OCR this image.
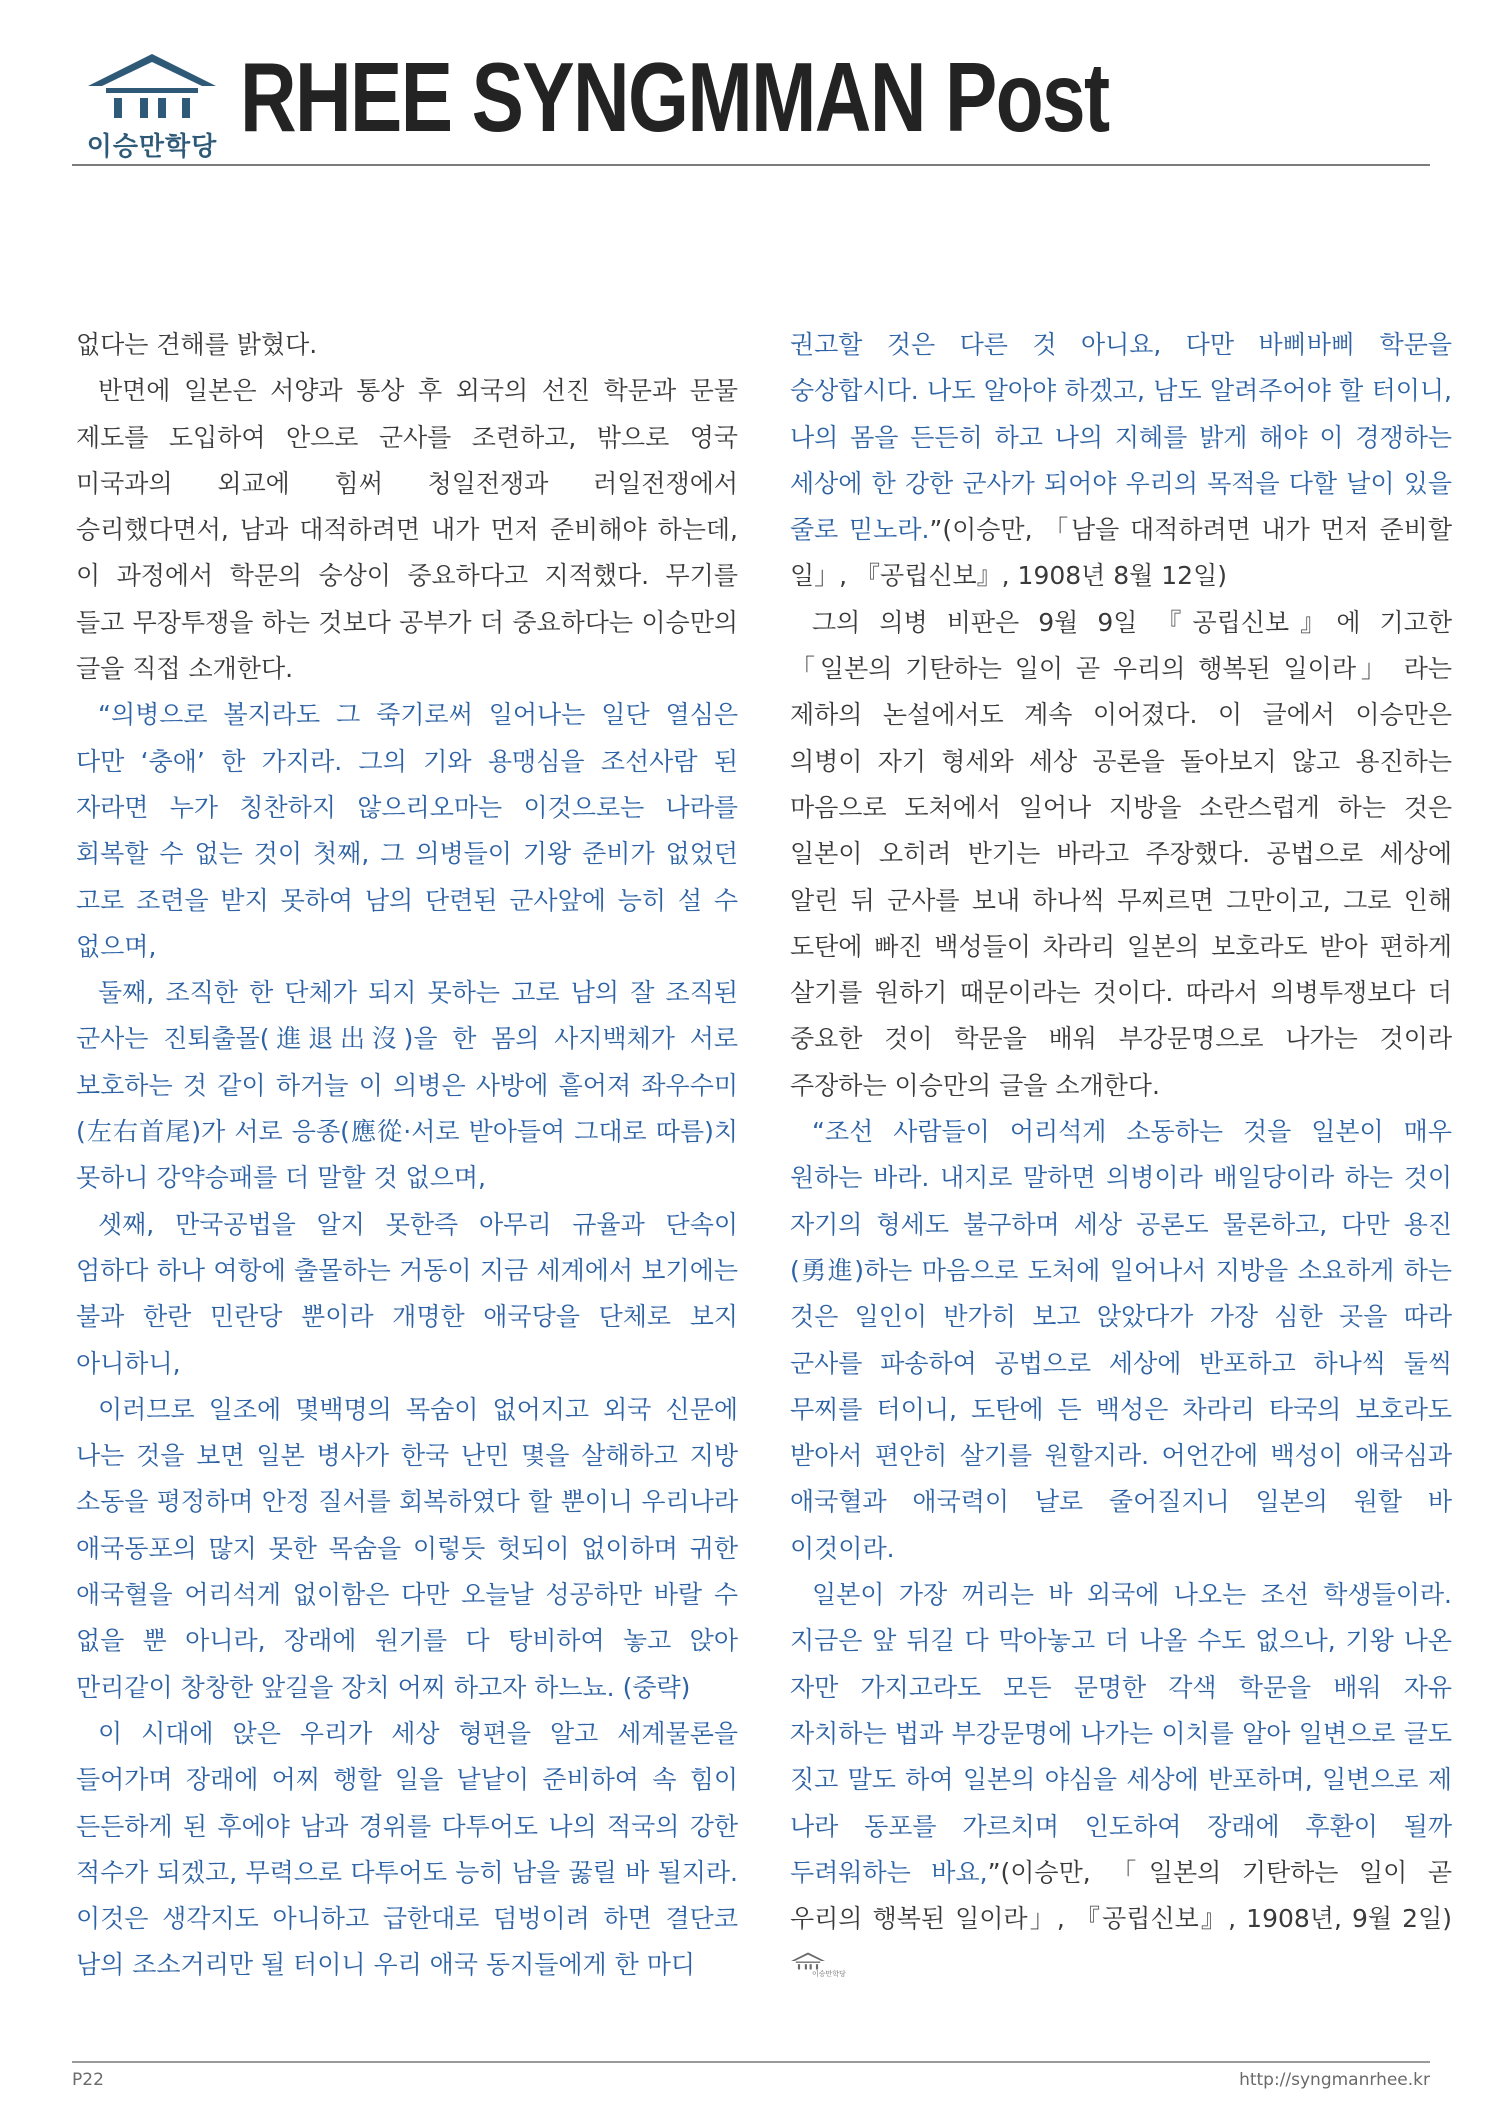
이승만학당 RHEE SYNGMMAN Post

없다는 견해를 밝혔다.

반면에 일본은 서양과 통상 후 외국의 선진 학문과 문물 제도를 도입하여 안으로 군사를 조련하고, 밖으로 영국 미국과의 외교에 힘써 청일전쟁과 러일전쟁에서 승리했다면서, 남과 대적하려면 내가 먼저 준비해야 하는데, 이 과정에서 학문의 숭상이 중요하다고 지적했다. 무기를 들고 무장투쟁을 하는 것보다 공부가 더 중요하다는 이승만의 글을 직접 소개한다.

“의병으로 볼지라도 그 죽기로써 일어나는 일단 열심은 다만 ‘충애’ 한 가지라. 그의 기와 용맹심을 조선사람 된 자라면 누가 칭찬하지 않으리오마는 이것으로는 나라를 회복할 수 없는 것이 첫째, 그 의병들이 기왕 준비가 없었던 고로 조련을 받지 못하여 남의 단련된 군사앞에 능히 설 수 없으며,

둘째, 조직한 한 단체가 되지 못하는 고로 남의 잘 조직된 군사는 진퇴출몰(進退出沒)을 한 몸의 사지백체가 서로 보호하는 것 같이 하거늘 이 의병은 사방에 흩어져 좌우수미 (左右首尾)가 서로 응종(應從·서로 받아들여 그대로 따름)치 못하니 강약승패를 더 말할 것 없으며,

셋째, 만국공법을 알지 못한즉 아무리 규율과 단속이 엄하다 하나 여항에 출몰하는 거동이 지금 세계에서 보기에는 불과 한란 민란당 뿐이라 개명한 애국당을 단체로 보지 아니하니,

이러므로 일조에 몇백명의 목숨이 없어지고 외국 신문에 나는 것을 보면 일본 병사가 한국 난민 몇을 살해하고 지방 소동을 평정하며 안정 질서를 회복하였다 할 뿐이니 우리나라 애국동포의 많지 못한 목숨을 이렇듯 헛되이 없이하며 귀한 애국혈을 어리석게 없이함은 다만 오늘날 성공하만 바랄 수 없을 뿐 아니라, 장래에 원기를 다 탕비하여 놓고 앉아 만리같이 창창한 앞길을 장치 어찌 하고자 하느뇨. (중략)

이 시대에 앉은 우리가 세상 형편을 알고 세계물론을 들어가며 장래에 어찌 행할 일을 낱낱이 준비하여 속 힘이 든든하게 된 후에야 남과 경위를 다투어도 나의 적국의 강한 적수가 되겠고, 무력으로 다투어도 능히 남을 꿇릴 바 될지라. 이것은 생각지도 아니하고 급한대로 덤벙이려 하면 결단코 남의 조소거리만 될 터이니 우리 애국 동지들에게 한 마디

권고할 것은 다른 것 아니요, 다만 바삐바삐 학문을 숭상합시다. 나도 알아야 하겠고, 남도 알려주어야 할 터이니, 나의 몸을 든든히 하고 나의 지혜를 밝게 해야 이 경쟁하는 세상에 한 강한 군사가 되어야 우리의 목적을 다할 날이 있을 줄로 믿노라.”(이승만, 「남을 대적하려면 내가 먼저 준비할 일」, 『공립신보』, 1908년 8월 12일)

그의 의병 비판은 9월 9일 『공립신보』에 기고한 「일본의 기탄하는 일이 곧 우리의 행복된 일이라」 라는 제하의 논설에서도 계속 이어졌다. 이 글에서 이승만은 의병이 자기 형세와 세상 공론을 돌아보지 않고 용진하는 마음으로 도처에서 일어나 지방을 소란스럽게 하는 것은 일본이 오히려 반기는 바라고 주장했다. 공법으로 세상에 알린 뒤 군사를 보내 하나씩 무찌르면 그만이고, 그로 인해 도탄에 빠진 백성들이 차라리 일본의 보호라도 받아 편하게 살기를 원하기 때문이라는 것이다. 따라서 의병투쟁보다 더 중요한 것이 학문을 배워 부강문명으로 나가는 것이라 주장하는 이승만의 글을 소개한다.

“조선 사람들이 어리석게 소동하는 것을 일본이 매우 원하는 바라. 내지로 말하면 의병이라 배일당이라 하는 것이 자기의 형세도 불구하며 세상 공론도 물론하고, 다만 용진 (勇進)하는 마음으로 도처에 일어나서 지방을 소요하게 하는 것은 일인이 반가히 보고 앉았다가 가장 심한 곳을 따라 군사를 파송하여 공법으로 세상에 반포하고 하나씩 둘씩 무찌를 터이니, 도탄에 든 백성은 차라리 타국의 보호라도 받아서 편안히 살기를 원할지라. 어언간에 백성이 애국심과 애국혈과 애국력이 날로 줄어질지니 일본의 원할 바 이것이라.

일본이 가장 꺼리는 바 외국에 나오는 조선 학생들이라. 지금은 앞 뒤길 다 막아놓고 더 나올 수도 없으나, 기왕 나온 자만 가지고라도 모든 문명한 각색 학문을 배워 자유 자치하는 법과 부강문명에 나가는 이치를 알아 일변으로 글도 짓고 말도 하여 일본의 야심을 세상에 반포하며, 일변으로 제 나라 동포를 가르치며 인도하여 장래에 후환이 될까 두려워하는 바요,”(이승만, 「일본의 기탄하는 일이 곧 우리의 행복된 일이라」, 『공립신보』, 1908년, 9월 2일)
이승만학당

P22	http://syngmanrhee.kr
